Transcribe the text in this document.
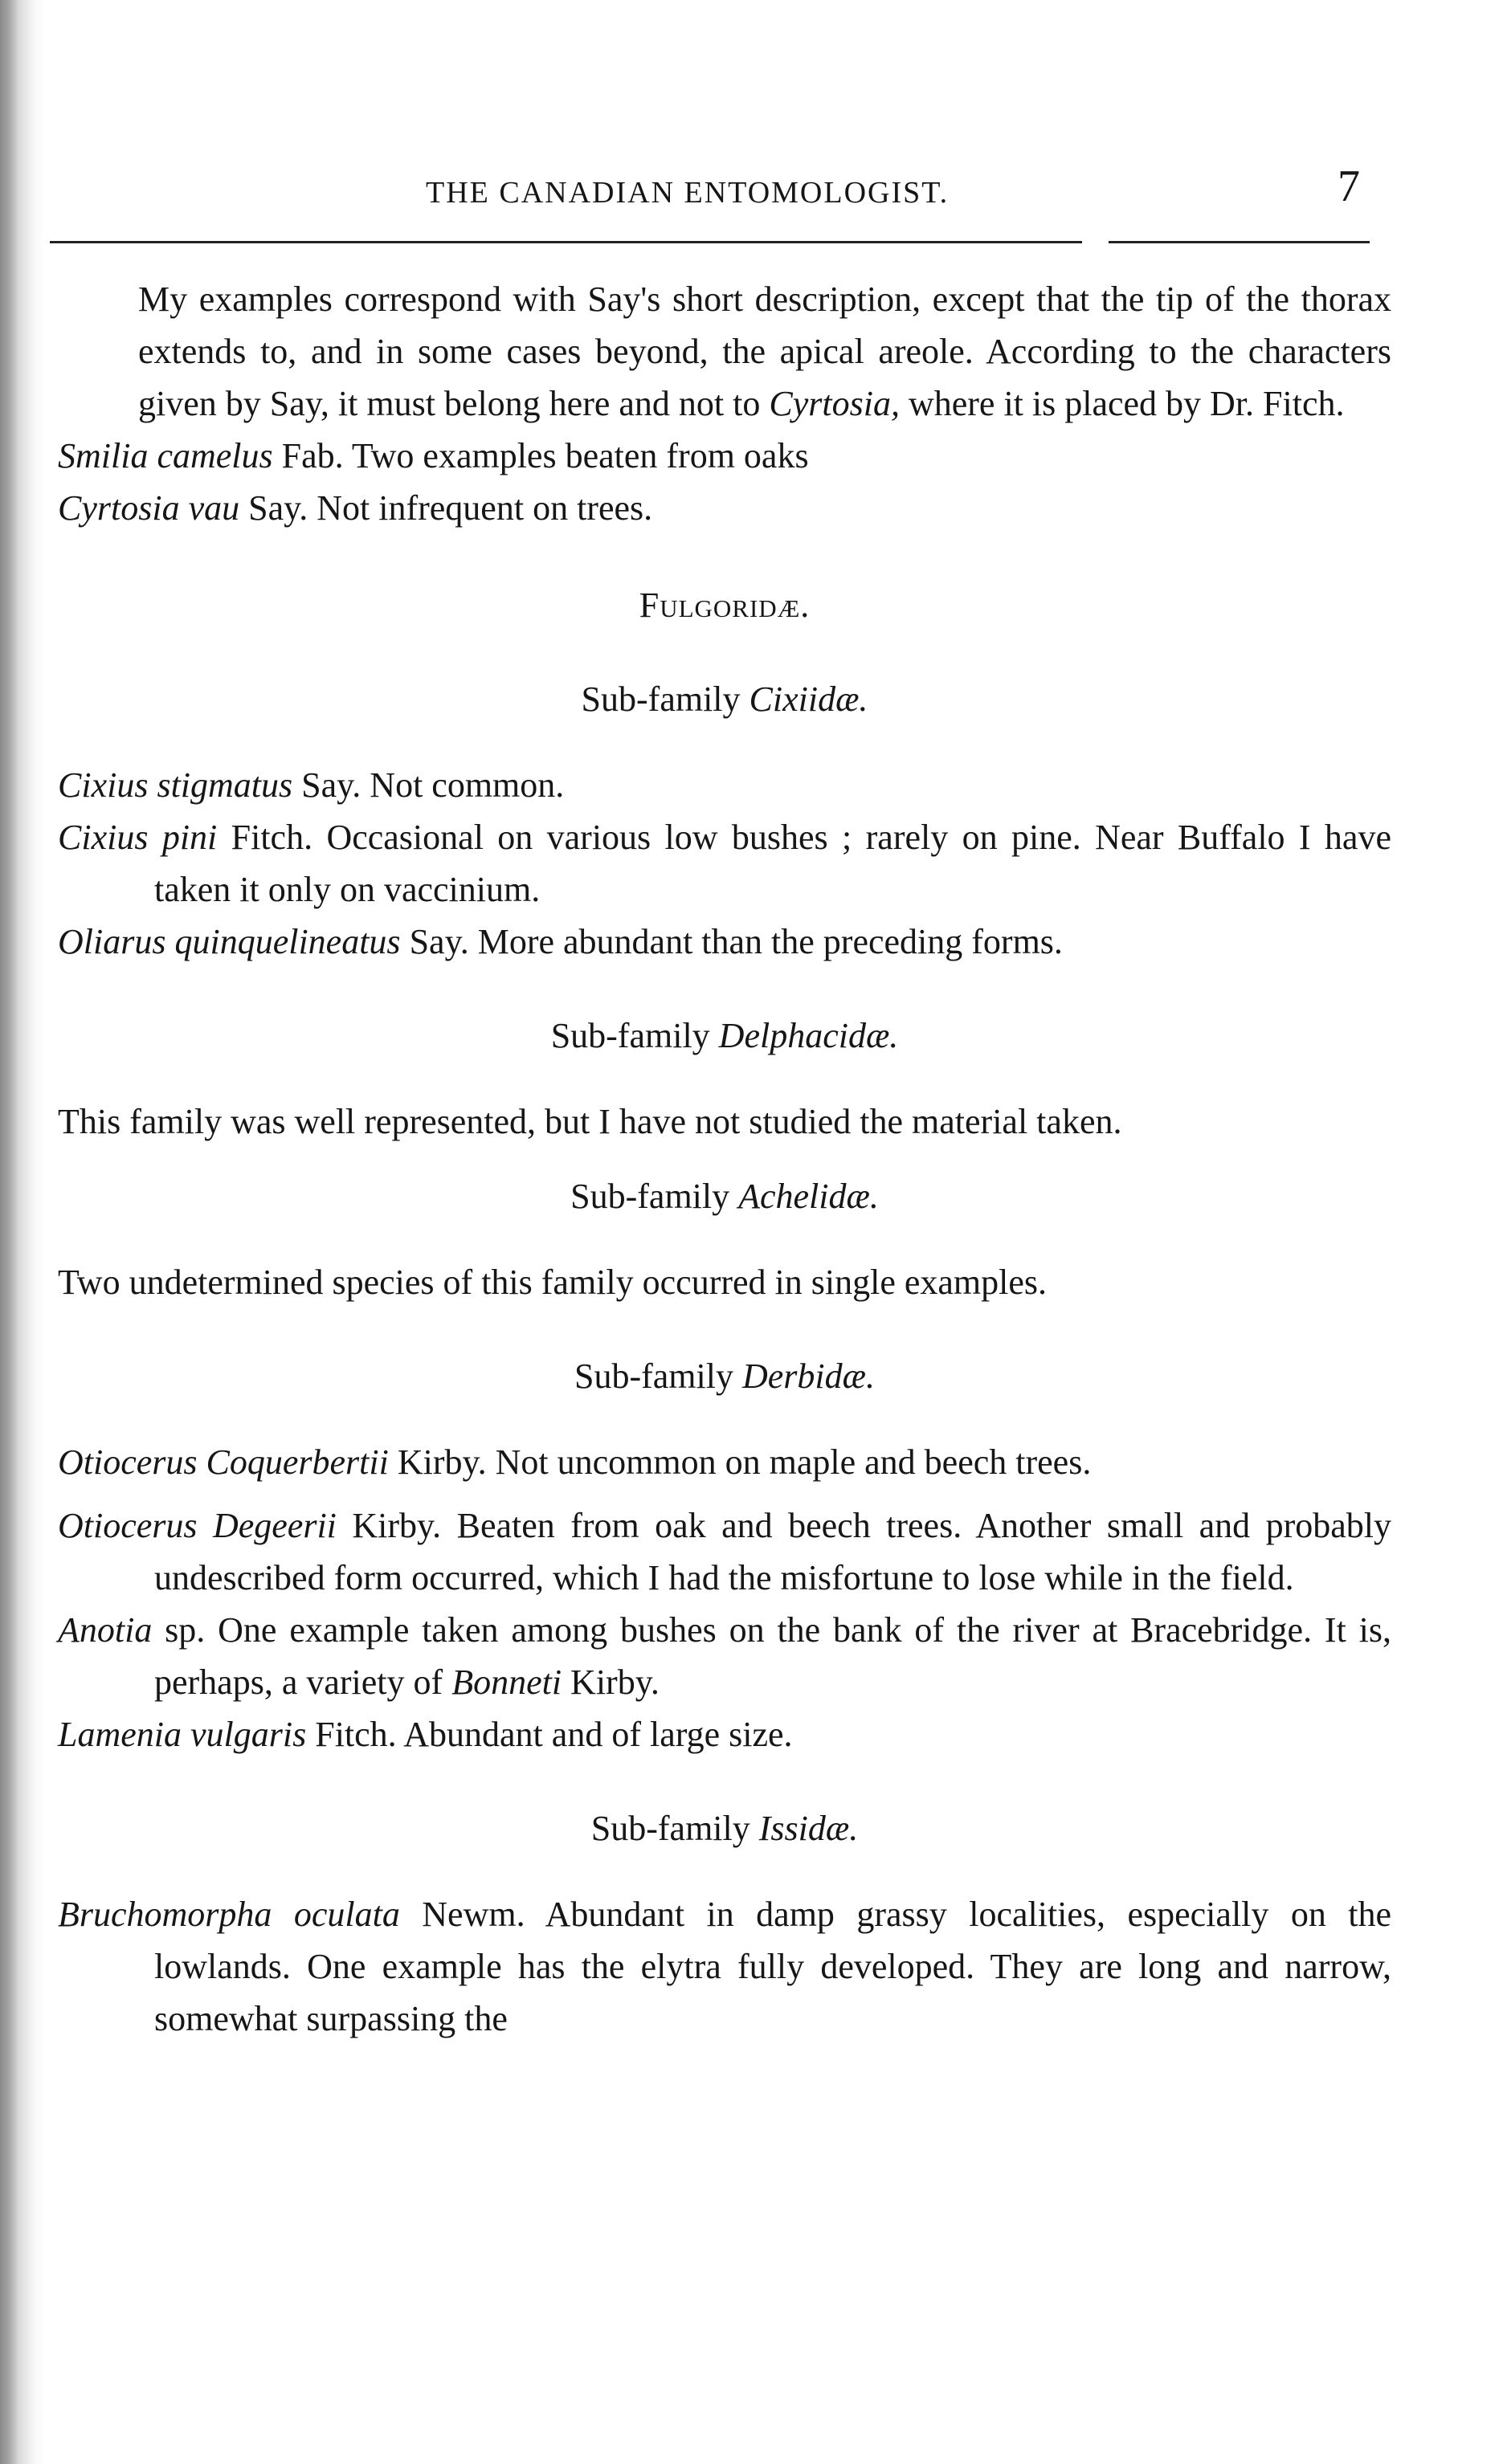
THE CANADIAN ENTOMOLOGIST.	7

My examples correspond with Say's short description, except that the tip of the thorax extends to, and in some cases beyond, the apical areole. According to the characters given by Say, it must belong here and not to Cyrtosia, where it is placed by Dr. Fitch.

Smilia camelus Fab. Two examples beaten from oaks

Cyrtosia vau Say. Not infrequent on trees.

Fulgoridæ.

Sub-family Cixiidæ.

Cixius stigmatus Say. Not common.

Cixius pini Fitch. Occasional on various low bushes ; rarely on pine. Near Buffalo I have taken it only on vaccinium.

Oliarus quinquelineatus Say. More abundant than the preceding forms.

Sub-family Delphacidæ.

This family was well represented, but I have not studied the material taken.

Sub-family Achelidæ.

Two undetermined species of this family occurred in single examples.

Sub-family Derbidæ.

Otiocerus Coquerbertii Kirby. Not uncommon on maple and beech trees.

Otiocerus Degeerii Kirby. Beaten from oak and beech trees. Another small and probably undescribed form occurred, which I had the misfortune to lose while in the field.

Anotia sp. One example taken among bushes on the bank of the river at Bracebridge. It is, perhaps, a variety of Bonneti Kirby.

Lamenia vulgaris Fitch. Abundant and of large size.

Sub-family Issidæ.

Bruchomorpha oculata Newm. Abundant in damp grassy localities, especially on the lowlands. One example has the elytra fully developed. They are long and narrow, somewhat surpassing the
